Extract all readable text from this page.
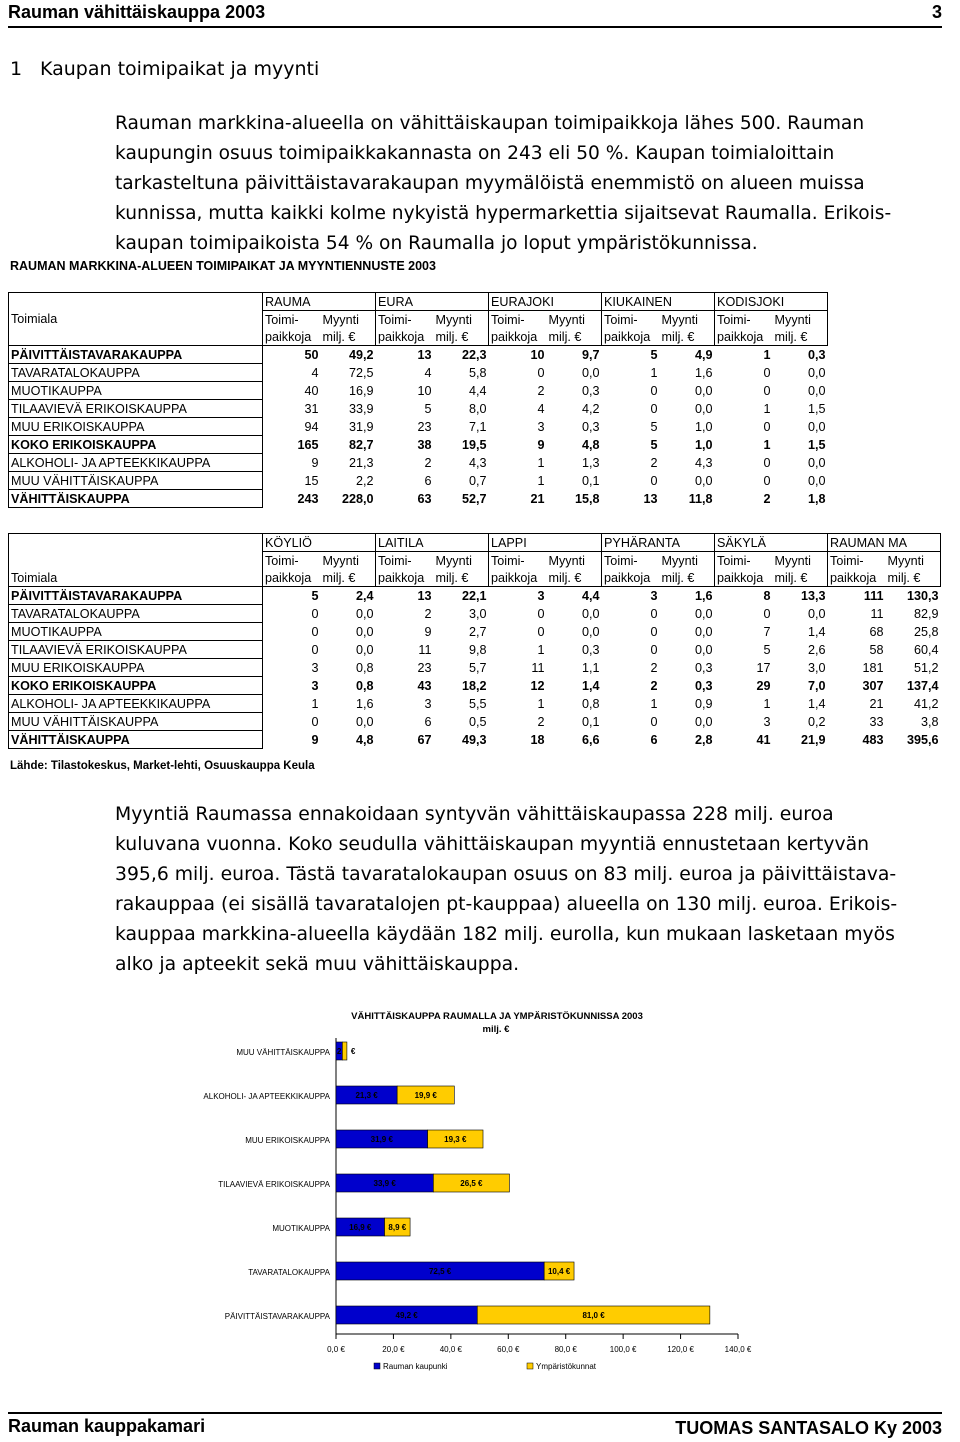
Rauman vähittäiskauppa 2003	3
1 Kaupan toimipaikat ja myynti

Rauman markkina-alueella on vähittäiskaupan toimipaikkoja lähes 500. Rauman

kaupungin osuus toimipaikkakannasta on 243 eli 50 %. Kaupan toimialoittain

tarkasteltuna päivittäistavarakaupan myymälöistä enemmistö on alueen muissa

kunnissa, mutta kaikki kolme nykyistä hypermarkettia sijaitsevat Raumalla. Erikois-

kaupan toimipaikoista 54 % on Raumalla jo loput ympäristökunnissa.

RAUMAN MARKKINA-ALUEEN TOIMIPAIKAT JA MYYNTIENNUSTE 2003
	RAUMA		EURA		EURAJOKI		KIUKAINEN		KODISJOKI	
Toimiala	Toimi-	Myynti	Toimi-	Myynti	Toimi-	Myynti	Toimi-	Myynti	Toimi-	Myynti
	paikkoja	milj. €	paikkoja	milj. €	paikkoja	milj. €	paikkoja	milj. €	paikkoja	milj. €
PÄIVITTÄISTAVARAKAUPPA	50	49,2	13	22,3	10	9,7	5	4,9	1	0,3
TAVARATALOKAUPPA	4	72,5	4	5,8	0	0,0	1	1,6	0	0,0
MUOTIKAUPPA	40	16,9	10	4,4	2	0,3	0	0,0	0	0,0
TILAAVIEVÄ ERIKOISKAUPPA	31	33,9	5	8,0	4	4,2	0	0,0	1	1,5
MUU ERIKOISKAUPPA	94	31,9	23	7,1	3	0,3	5	1,0	0	0,0
KOKO ERIKOISKAUPPA	165	82,7	38	19,5	9	4,8	5	1,0	1	1,5
ALKOHOLI- JA APTEEKKIKAUPPA	9	21,3	2	4,3	1	1,3	2	4,3	0	0,0
MUU VÄHITTÄISKAUPPA	15	2,2	6	0,7	1	0,1	0	0,0	0	0,0
VÄHITTÄISKAUPPA	243	228,0	63	52,7	21	15,8	13	11,8	2	1,8
	KÖYLIÖ		LAITILA		LAPPI		PYHÄRANTA		SÄKYLÄ		RAUMAN MA	
	Toimi-	Myynti	Toimi-	Myynti	Toimi-	Myynti	Toimi-	Myynti	Toimi-	Myynti	Toimi-	Myynti
Toimiala	paikkoja	milj. €	paikkoja	milj. €	paikkoja	milj. €	paikkoja	milj. €	paikkoja	milj. €	paikkoja	milj. €
PÄIVITTÄISTAVARAKAUPPA	5	2,4	13	22,1	3	4,4	3	1,6	8	13,3	111	130,3
TAVARATALOKAUPPA	0	0,0	2	3,0	0	0,0	0	0,0	0	0,0	11	82,9
MUOTIKAUPPA	0	0,0	9	2,7	0	0,0	0	0,0	7	1,4	68	25,8
TILAAVIEVÄ ERIKOISKAUPPA	0	0,0	11	9,8	1	0,3	0	0,0	5	2,6	58	60,4
MUU ERIKOISKAUPPA	3	0,8	23	5,7	11	1,1	2	0,3	17	3,0	181	51,2
KOKO ERIKOISKAUPPA	3	0,8	43	18,2	12	1,4	2	0,3	29	7,0	307	137,4
ALKOHOLI- JA APTEEKKIKAUPPA	1	1,6	3	5,5	1	0,8	1	0,9	1	1,4	21	41,2
MUU VÄHITTÄISKAUPPA	0	0,0	6	0,5	2	0,1	0	0,0	3	0,2	33	3,8
VÄHITTÄISKAUPPA	9	4,8	67	49,3	18	6,6	6	2,8	41	21,9	483	395,6
Lähde: Tilastokeskus, Market-lehti, Osuuskauppa Keula

Myyntiä Raumassa ennakoidaan syntyvän vähittäiskaupassa 228 milj. euroa

kuluvana vuonna. Koko seudulla vähittäiskaupan myyntiä ennustetaan kertyvän

395,6 milj. euroa. Tästä tavaratalokaupan osuus on 83 milj. euroa ja päivittäistava-

rakauppaa (ei sisällä tavaratalojen pt-kauppaa) alueella on 130 milj. euroa. Erikois-

kauppaa markkina-alueella käydään 182 milj. eurolla, kun mukaan lasketaan myös

alko ja apteekit sekä muu vähittäiskauppa.

VÄHITTÄISKAUPPA RAUMALLA JA YMPÄRISTÖKUNNISSA 2003
milj. €
0,0 €	20,0 €	40,0 €	60,0 €	80,0 €	100,0 €	120,0 €	140,0 €
MUU VÄHITTÄISKAUPPA 2 €
ALKOHOLI- JA APTEEKKIKAUPPA	21,3 €	19,9 €
MUU ERIKOISKAUPPA	31,9 €	19,3 €
TILAAVIEVÄ ERIKOISKAUPPA	33,9 €	26,5 €
MUOTIKAUPPA 16,9 € 8,9 €
TAVARATALOKAUPPA	72,5 €	10,4 €
PÄIVITTÄISTAVARAKAUPPA	49,2 €	81,0 €
Rauman kaupunki	Ympäristökunnat
Rauman kauppakamari	TUOMAS SANTASALO Ky 2003
